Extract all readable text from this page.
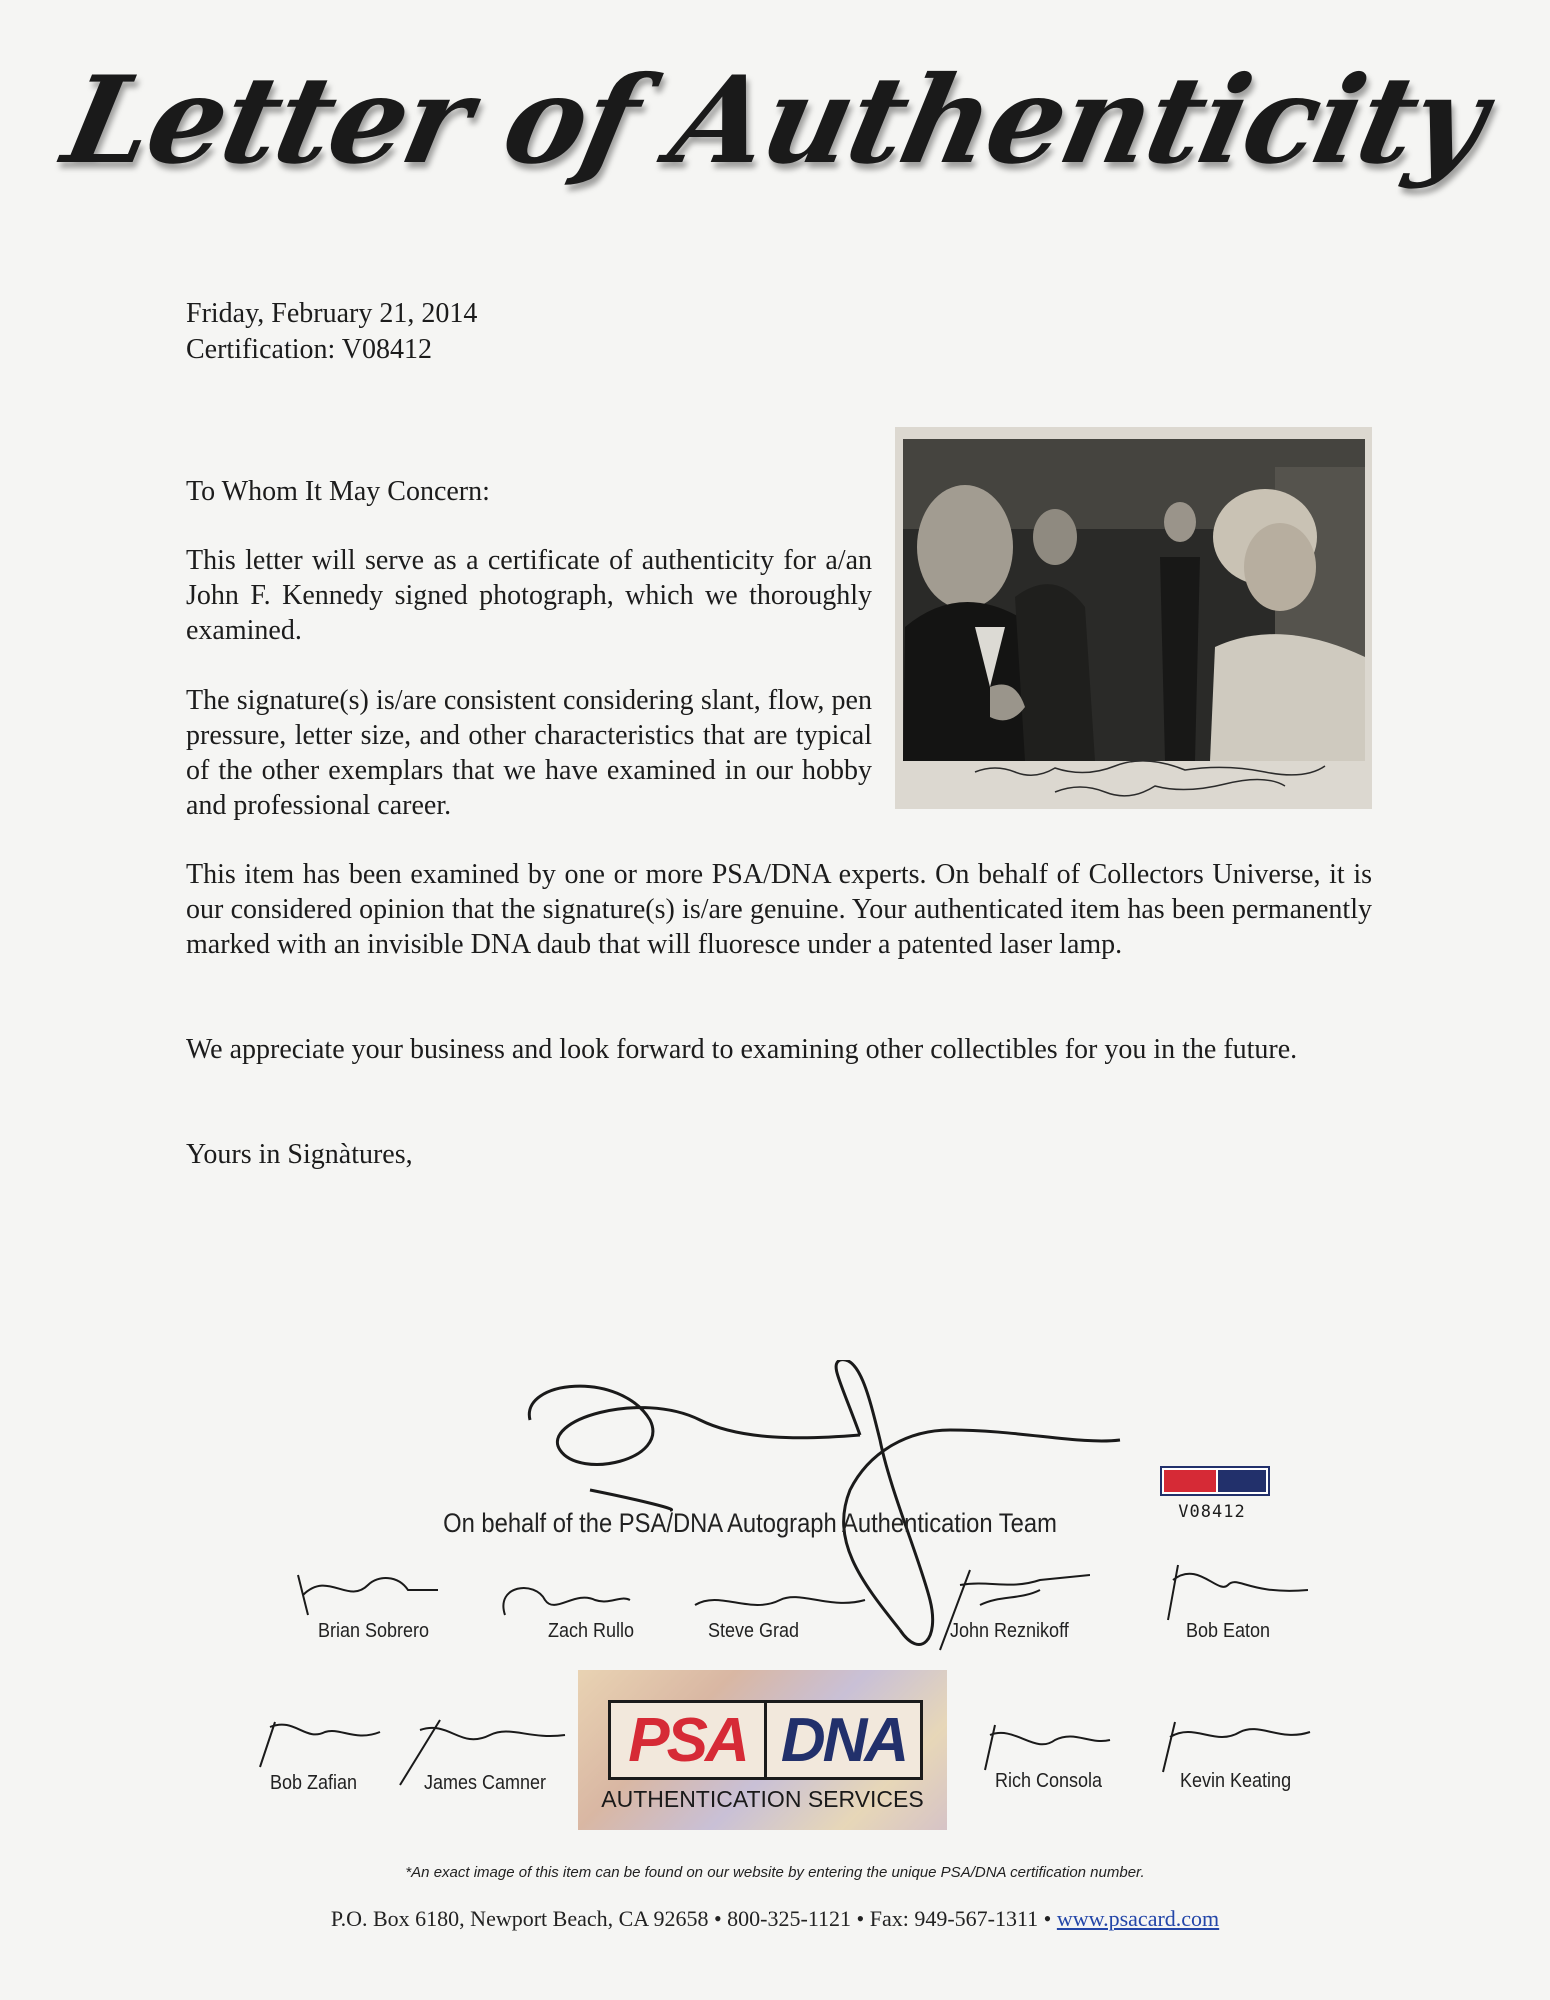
Letter of Authenticity
Friday, February 21, 2014
Certification: V08412
To Whom It May Concern:
This letter will serve as a certificate of authenticity for a/an John F. Kennedy signed photograph, which we thoroughly examined.
The signature(s) is/are consistent considering slant, flow, pen pressure, letter size, and other characteristics that are typical of the other exemplars that we have examined in our hobby and professional career.
This item has been examined by one or more PSA/DNA experts. On behalf of Collectors Universe, it is our considered opinion that the signature(s) is/are genuine. Your authenticated item has been permanently marked with an invisible DNA daub that will fluoresce under a patented laser lamp.
We appreciate your business and look forward to examining other collectibles for you in the future.
Yours in Signàtures,
On behalf of the PSA/DNA Autograph Authentication Team	V08412
Brian Sobrero	Zach Rullo	Steve Grad	John Reznikoff	Bob Eaton
PSA DNA
AUTHENTICATION SERVICES
Bob Zafian	James Camner	Rich Consola	Kevin Keating
*An exact image of this item can be found on our website by entering the unique PSA/DNA certification number.
P.O. Box 6180, Newport Beach, CA 92658 • 800-325-1121 • Fax: 949-567-1311 • www.psacard.com
